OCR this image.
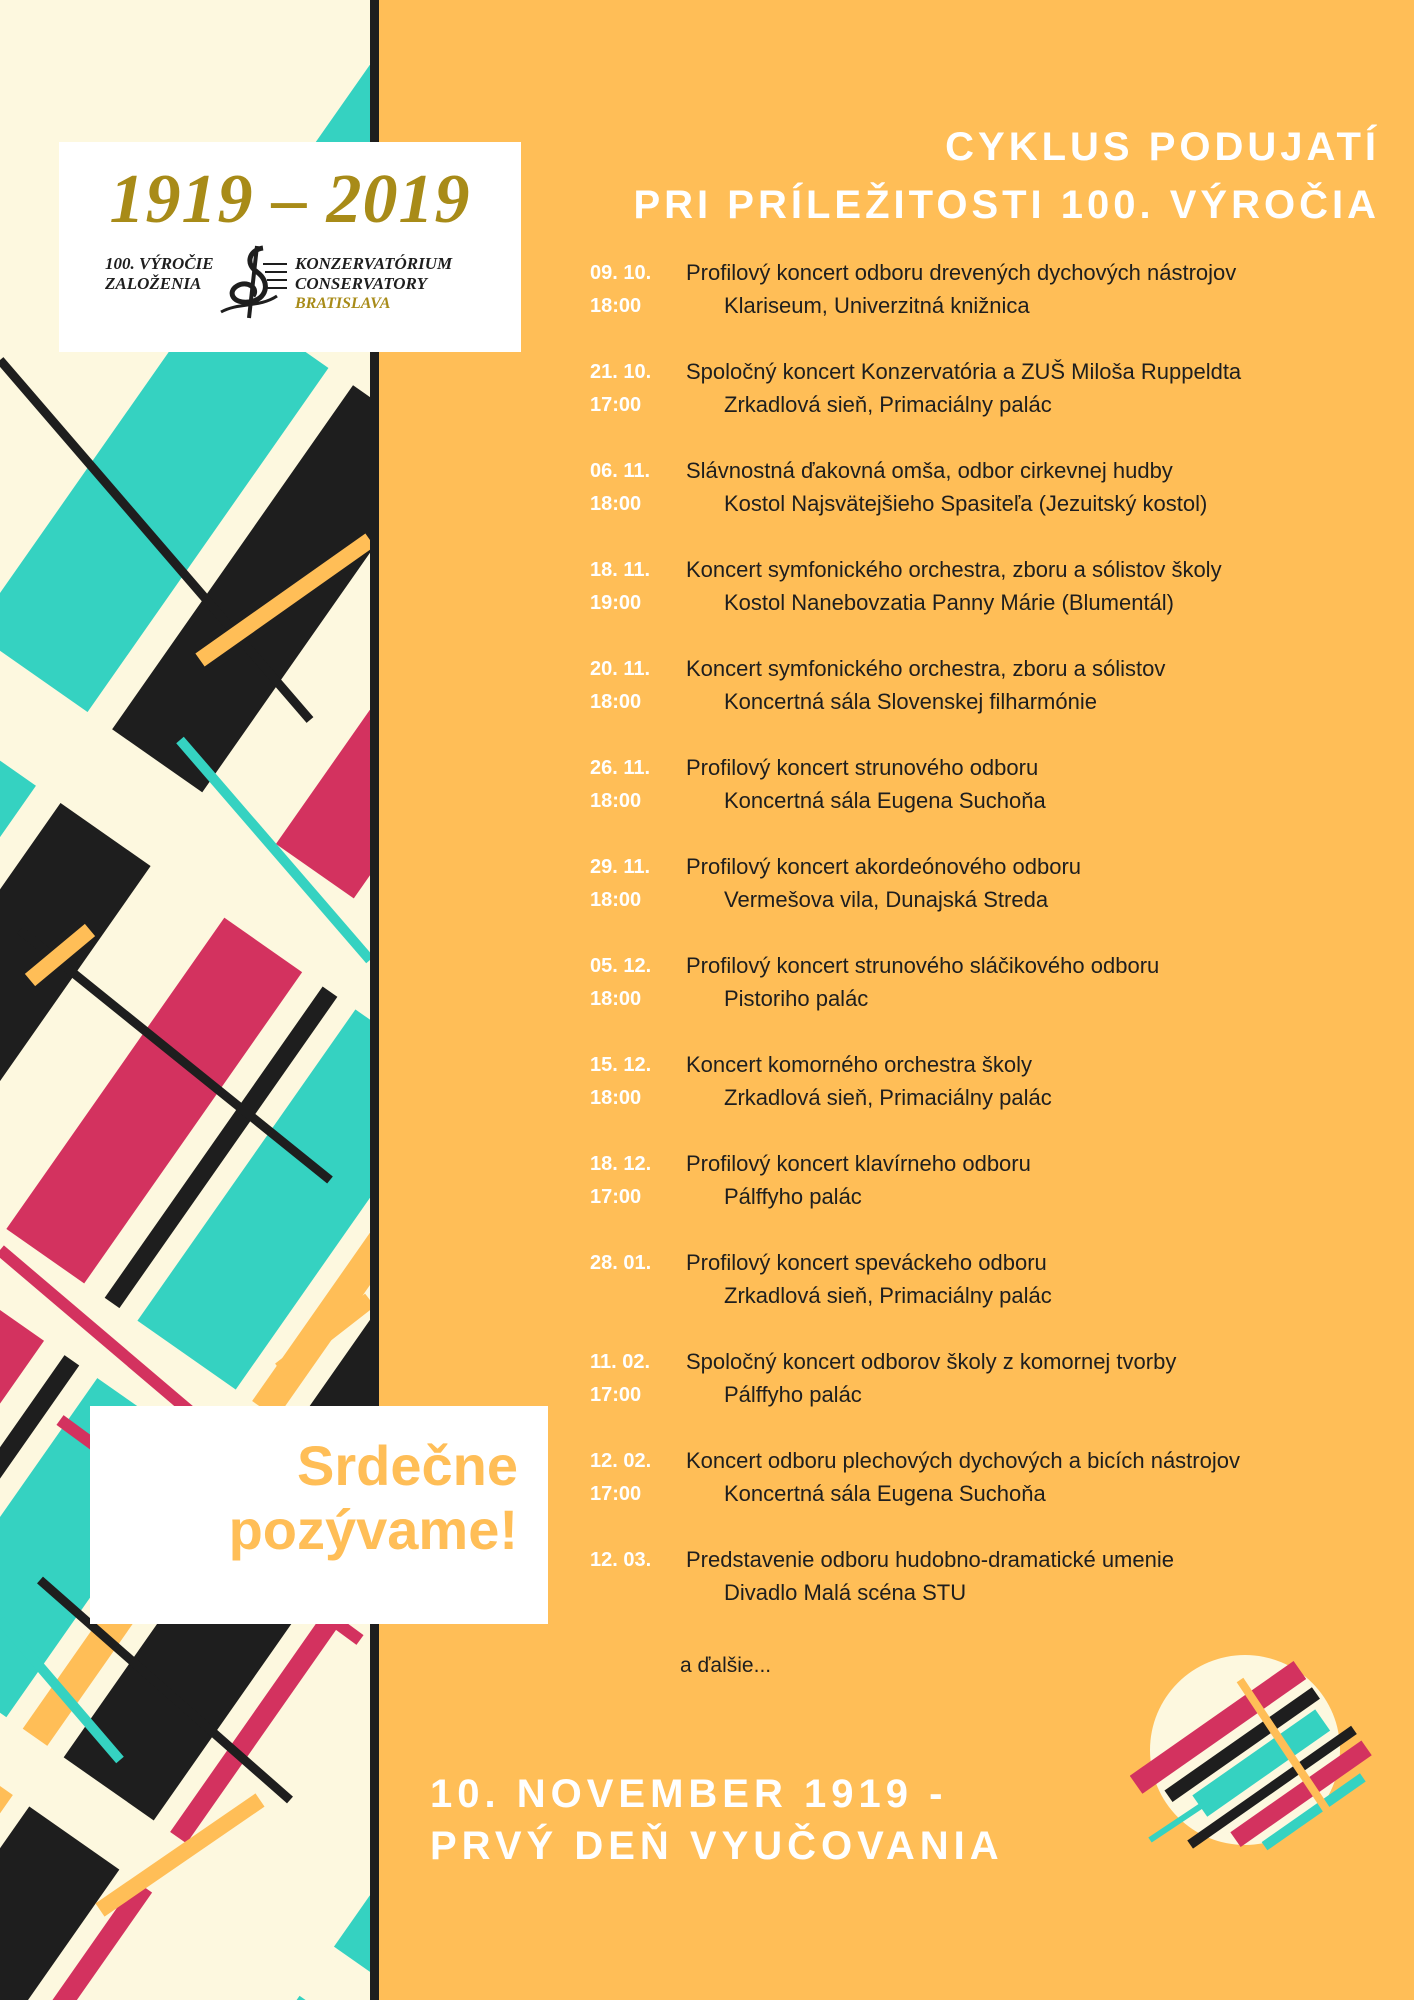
1919 – 2019
100. VÝROČIE
ZALOŽENIA
KONZERVATÓRIUM
CONSERVATORY
BRATISLAVA
CYKLUS PODUJATÍ
PRI PRÍLEŽITOSTI 100. VÝROČIA
09. 10.
18:00
Profilový koncert odboru drevených dychových nástrojov
Klariseum, Univerzitná knižnica
21. 10.
17:00
Spoločný koncert Konzervatória a ZUŠ Miloša Ruppeldta
Zrkadlová sieň, Primaciálny palác
06. 11.
18:00
Slávnostná ďakovná omša, odbor cirkevnej hudby
Kostol Najsvätejšieho Spasiteľa (Jezuitský kostol)
18. 11.
19:00
Koncert symfonického orchestra, zboru a sólistov školy
Kostol Nanebovzatia Panny Márie (Blumentál)
20. 11.
18:00
Koncert symfonického orchestra, zboru a sólistov
Koncertná sála Slovenskej filharmónie
26. 11.
18:00
Profilový koncert strunového odboru
Koncertná sála Eugena Suchoňa
29. 11.
18:00
Profilový koncert akordeónového odboru
Vermešova vila, Dunajská Streda
05. 12.
18:00
Profilový koncert strunového sláčikového odboru
Pistoriho palác
15. 12.
18:00
Koncert komorného orchestra školy
Zrkadlová sieň, Primaciálny palác
18. 12.
17:00
Profilový koncert klavírneho odboru
Pálffyho palác
28. 01. Profilový koncert speváckeho odboru
Zrkadlová sieň, Primaciálny palác
11. 02.
17:00
Spoločný koncert odborov školy z komornej tvorby
Pálffyho palác
12. 02.
17:00
Koncert odboru plechových dychových a bicích nástrojov
Koncertná sála Eugena Suchoňa
12. 03. Predstavenie odboru hudobno-dramatické umenie
Divadlo Malá scéna STU
a ďalšie...
Srdečne
pozývame!
10. NOVEMBER 1919 -
PRVÝ DEŇ VYUČOVANIA
